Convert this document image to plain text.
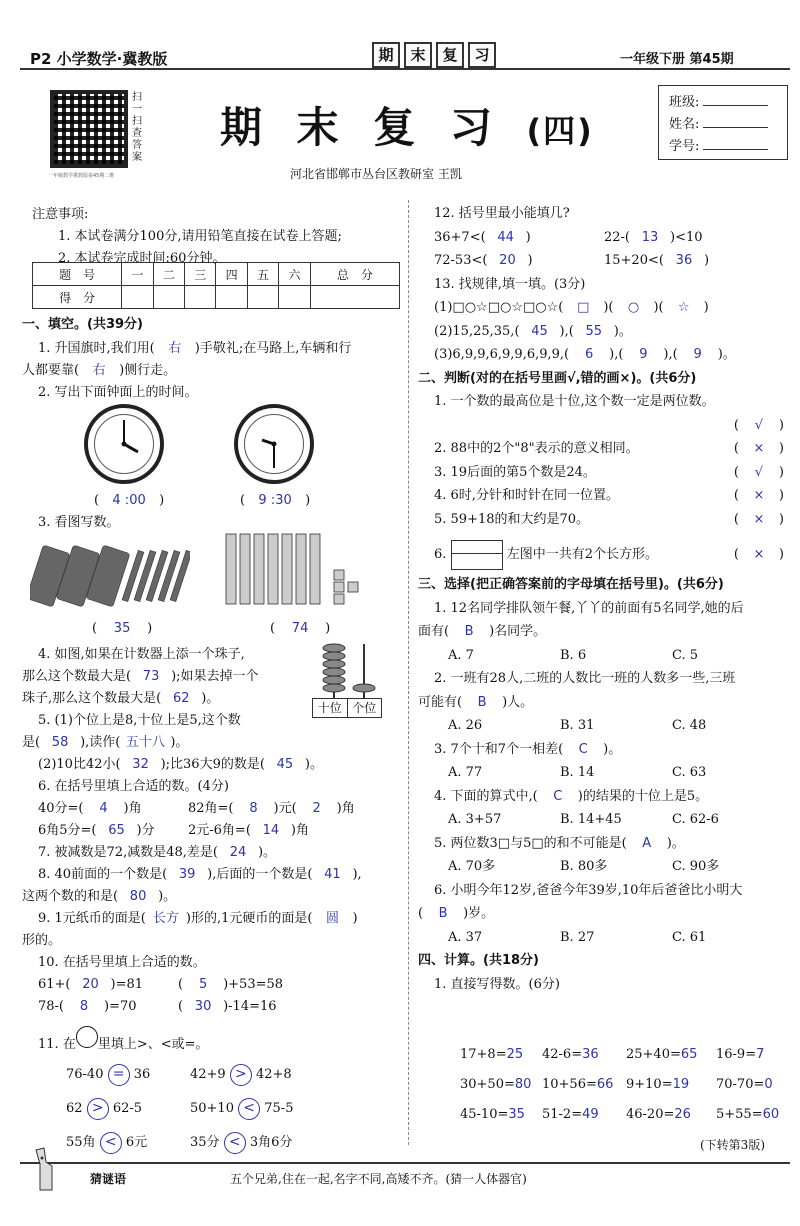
P2 小学数学·冀教版	期	末	复	习	一年级下册 第45期
扫一扫 查答案
一年级数学冀教版第45期二维
期 末 复 习 (四)
河北省邯郸市丛台区教研室 王凯
班级:
姓名:
学号:
注意事项:
1. 本试卷满分100分,请用铅笔直接在试卷上答题;
2. 本试卷完成时间:60分钟。
题　号	一	二	三	四	五	六	总　分
得　分							
一、填空。(共39分)
1. 升国旗时,我们用( 右 )手敬礼;在马路上,车辆和行
人都要靠( 右 )侧行走。
2. 写出下面钟面上的时间。
( 4 :00 )	( 9 :30 )
3. 看图写数。
( 35 )	( 74 )
4. 如图,如果在计数器上添一个珠子,
那么这个数最大是( 73 );如果去掉一个
珠子,那么这个数最大是( 62 )。
十位 个位
5. (1)个位上是8,十位上是5,这个数
是( 58 ),读作( 五十八 )。
(2)10比42小( 32 );比36大9的数是( 45 )。
6. 在括号里填上合适的数。(4分)
40分=( 4 )角	82角=( 8 )元( 2 )角
6角5分=( 65 )分	2元-6角=( 14 )角
7. 被减数是72,减数是48,差是( 24 )。
8. 40前面的一个数是( 39 ),后面的一个数是( 41 ),
这两个数的和是( 80 )。
9. 1元纸币的面是( 长方 )形的,1元硬币的面是( 圆 )
形的。
10. 在括号里填上合适的数。
61+( 20 )=81	( 5 )+53=58
78-( 8 )=70	( 30 )-14=16
11. 在 里填上>、<或=。
76-40 = 36	42+9 > 42+8
62 > 62-5	50+10 < 75-5
55角 < 6元	35分 < 3角6分
12. 括号里最小能填几?
36+7<( 44 )	22-( 13 )<10
72-53<( 20 )	15+20<( 36 )
13. 找规律,填一填。(3分)
(1)□○☆□○☆□○☆( □ )( ○ )( ☆ )
(2)15,25,35,( 45 ),( 55 )。
(3)6,9,9,6,9,9,6,9,9,( 6 ),( 9 ),( 9 )。
二、判断(对的在括号里画√,错的画×)。(共6分)
1. 一个数的最高位是十位,这个数一定是两位数。
( √ )
2. 88中的2个"8"表示的意义相同。	( × )
3. 19后面的第5个数是24。	( √ )
4. 6时,分针和时针在同一位置。	( × )
5. 59+18的和大约是70。	( × )
6.	左图中一共有2个长方形。	( × )
三、选择(把正确答案前的字母填在括号里)。(共6分)
1. 12名同学排队领午餐,丫丫的前面有5名同学,她的后
面有( B )名同学。
A. 7	B. 6	C. 5
2. 一班有28人,二班的人数比一班的人数多一些,三班
可能有( B )人。
A. 26	B. 31	C. 48
3. 7个十和7个一相差( C )。
A. 77	B. 14	C. 63
4. 下面的算式中,( C )的结果的十位上是5。
A. 3+57	B. 14+45	C. 62-6
5. 两位数3□与5□的和不可能是( A )。
A. 70多	B. 80多	C. 90多
6. 小明今年12岁,爸爸今年39岁,10年后爸爸比小明大
( B )岁。
A. 37	B. 27	C. 61
四、计算。(共18分)
1. 直接写得数。(6分)
17+8=25	42-6=36	25+40=65	16-9=7
30+50=80 10+56=66 9+10=19	70-70=0
45-10=35	51-2=49	46-20=26	5+55=60
(下转第3版)
猜谜语	五个兄弟,住在一起,名字不同,高矮不齐。(猜一人体器官)
